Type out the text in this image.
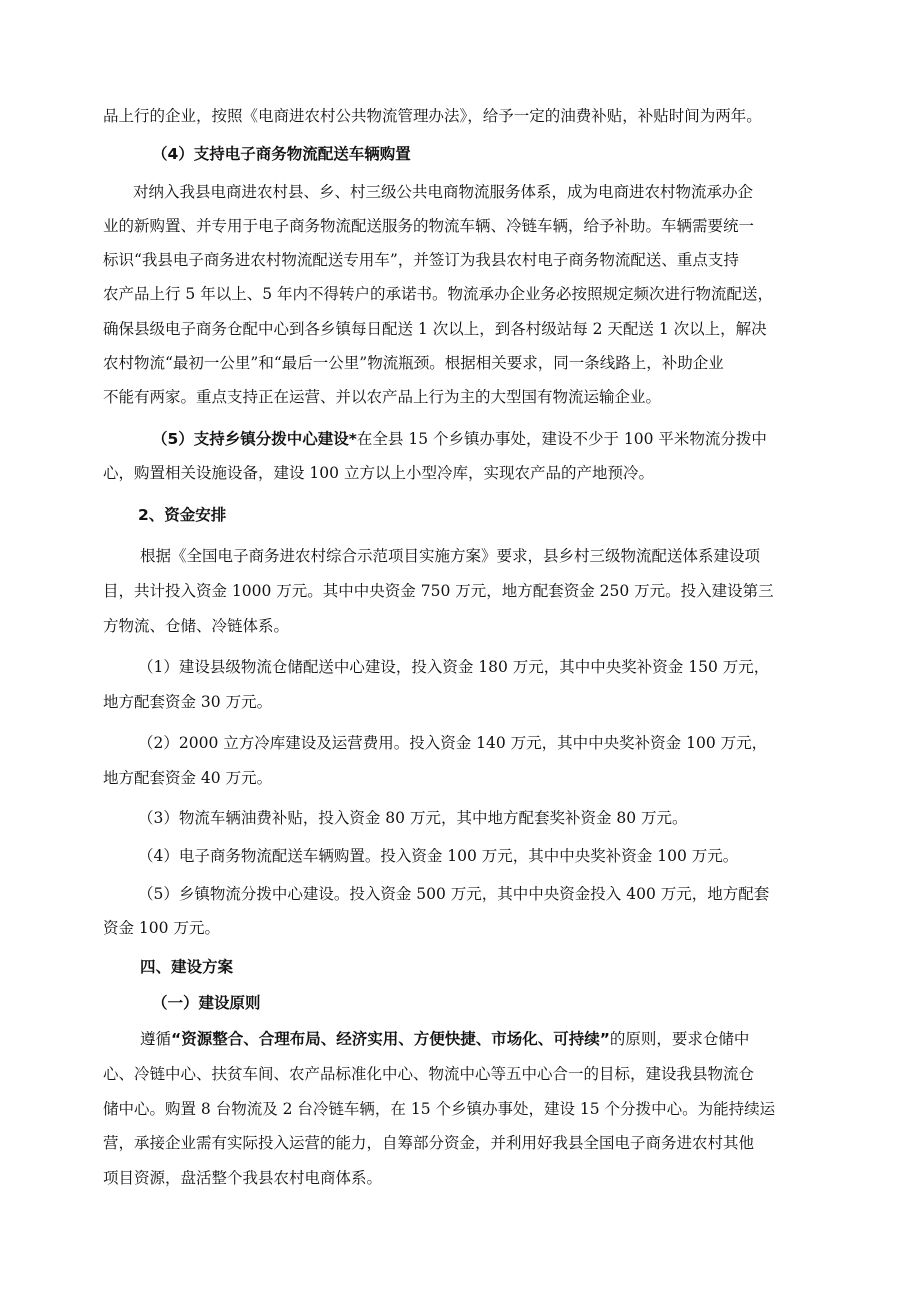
品上行的企业，按照《电商进农村公共物流管理办法》，给予一定的油费补贴，补贴时间为两年。
（4）支持电子商务物流配送车辆购置
对纳入我县电商进农村县、乡、村三级公共电商物流服务体系，成为电商进农村物流承办企
业的新购置、并专用于电子商务物流配送服务的物流车辆、冷链车辆，给予补助。车辆需要统一
标识“我县电子商务进农村物流配送专用车”，并签订为我县农村电子商务物流配送、重点支持
农产品上行 5 年以上、5 年内不得转户的承诺书。物流承办企业务必按照规定频次进行物流配送，
确保县级电子商务仓配中心到各乡镇每日配送 1 次以上，到各村级站每 2 天配送 1 次以上，解决
农村物流“最初一公里”和“最后一公里”物流瓶颈。根据相关要求，同一条线路上，补助企业
不能有两家。重点支持正在运营、并以农产品上行为主的大型国有物流运输企业。
（5）支持乡镇分拨中心建设*在全县 15 个乡镇办事处，建设不少于 100 平米物流分拨中
心，购置相关设施设备，建设 100 立方以上小型冷库，实现农产品的产地预冷。
2、资金安排
根据《全国电子商务进农村综合示范项目实施方案》要求，县乡村三级物流配送体系建设项
目，共计投入资金 1000 万元。其中中央资金 750 万元，地方配套资金 250 万元。投入建设第三
方物流、仓储、冷链体系。
（1）建设县级物流仓储配送中心建设，投入资金 180 万元，其中中央奖补资金 150 万元，
地方配套资金 30 万元。
（2）2000 立方冷库建设及运营费用。投入资金 140 万元，其中中央奖补资金 100 万元，
地方配套资金 40 万元。
（3）物流车辆油费补贴，投入资金 80 万元，其中地方配套奖补资金 80 万元。
（4）电子商务物流配送车辆购置。投入资金 100 万元，其中中央奖补资金 100 万元。
（5）乡镇物流分拨中心建设。投入资金 500 万元，其中中央资金投入 400 万元，地方配套
资金 100 万元。
四、建设方案
（一）建设原则
遵循“资源整合、合理布局、经济实用、方便快捷、市场化、可持续”的原则，要求仓储中
心、冷链中心、扶贫车间、农产品标准化中心、物流中心等五中心合一的目标，建设我县物流仓
储中心。购置 8 台物流及 2 台冷链车辆，在 15 个乡镇办事处，建设 15 个分拨中心。为能持续运
营，承接企业需有实际投入运营的能力，自筹部分资金，并利用好我县全国电子商务进农村其他
项目资源，盘活整个我县农村电商体系。
